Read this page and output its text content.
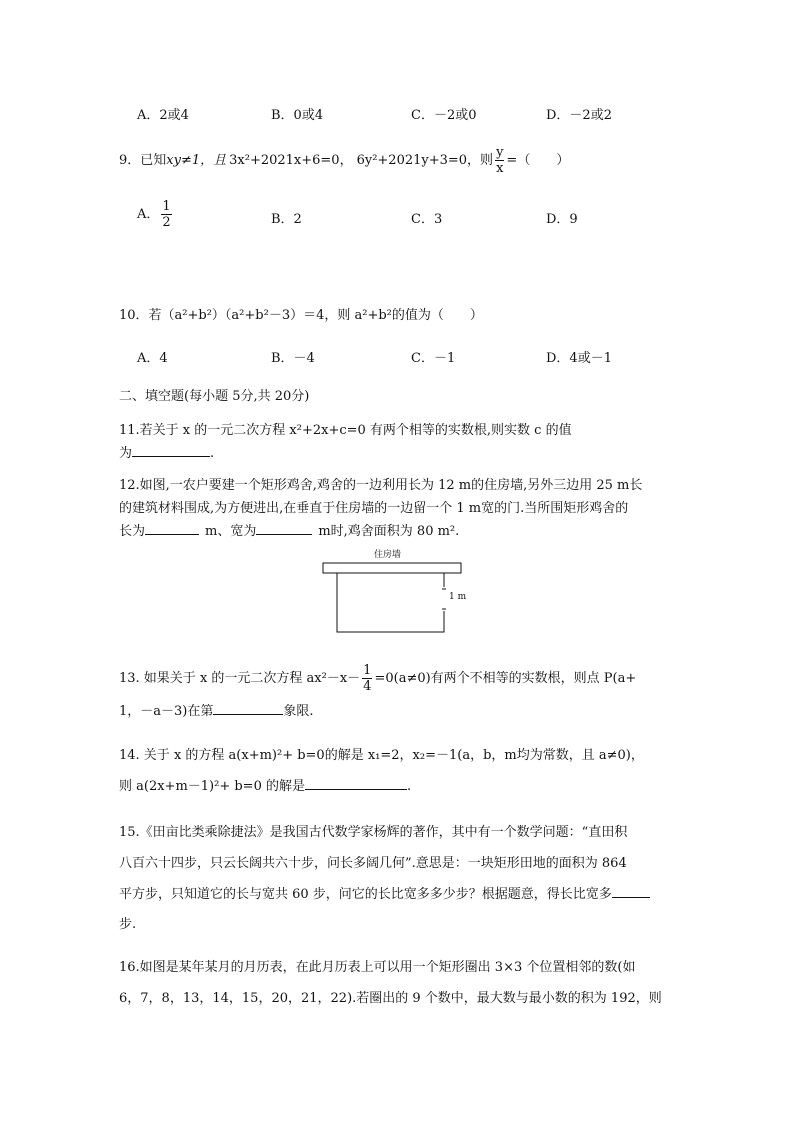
A．2或4	B．0或4	C．－2或0	D．－2或2
9．已知xy≠1，且 3x²+2021x+6=0， 6y²+2021y+3=0，则 $\frac{y}{x}$ =（　　）
A． $\frac{1}{2}$	B．2	C．3	D．9
10．若（a²+b²）（a²+b²－3）＝4，则 a²+b²的值为（　　）
A．4	B．－4	C．－1	D．4或－1
二、填空题(每小题 5分,共 20分)
11.若关于 x 的一元二次方程 x²+2x+c=0 有两个相等的实数根,则实数 c 的值
为	.
12.如图,一农户要建一个矩形鸡舍,鸡舍的一边利用长为 12 m的住房墙,另外三边用 25 m长
的建筑材料围成,为方便进出,在垂直于住房墙的一边留一个 1 m宽的门.当所围矩形鸡舍的
长为	m、宽为	m时,鸡舍面积为 80 m².
住房墙
1 m
13. 如果关于 x 的一元二次方程 $ax^2-x- \frac{1}{4} =0(a\ne 0)$有两个不相等的实数根，则点 P(a+
1，－a－3)在第	象限.
14. 关于 x 的方程 a(x+m)²+ b=0的解是 x₁=2，x₂=－1(a，b，m均为常数，且 a≠0)，
则 a(2x+m－1)²+ b=0 的解是	.
15.《田亩比类乘除捷法》是我国古代数学家杨辉的著作，其中有一个数学问题：“直田积
八百六十四步，只云长阔共六十步，问长多阔几何”.意思是：一块矩形田地的面积为 864
平方步，只知道它的长与宽共 60 步，问它的长比宽多多少步？根据题意，得长比宽多
步.
16.如图是某年某月的月历表，在此月历表上可以用一个矩形圈出 3×3 个位置相邻的数(如
6，7，8，13，14，15，20，21，22).若圈出的 9 个数中，最大数与最小数的积为 192，则
